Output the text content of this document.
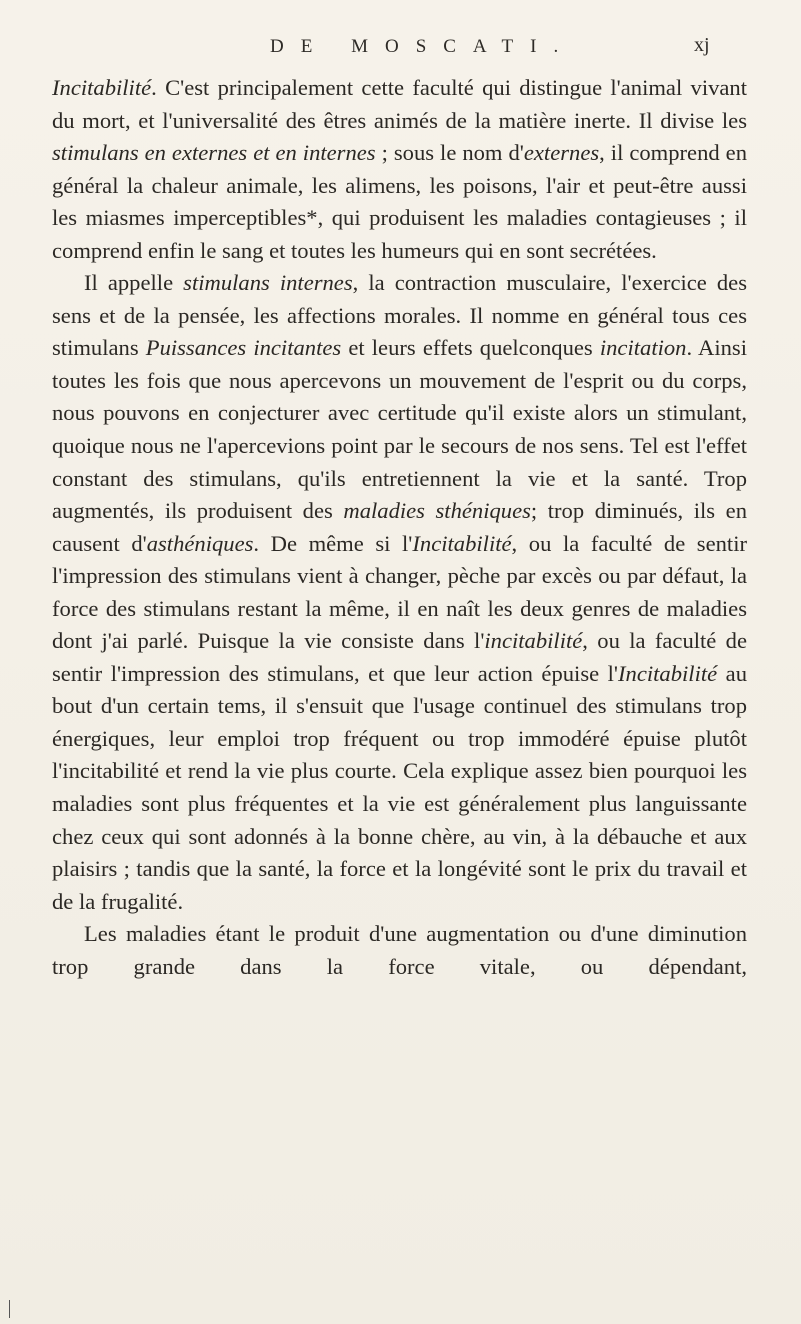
DE MOSCATI.	xj

Incitabilité. C'est principalement cette faculté qui distingue l'animal vivant du mort, et l'universalité des êtres animés de la matière inerte. Il divise les stimulans en externes et en internes ; sous le nom d'externes, il comprend en général la chaleur animale, les alimens, les poisons, l'air et peut-être aussi les miasmes imperceptibles*, qui produisent les maladies contagieuses ; il comprend enfin le sang et toutes les humeurs qui en sont secrétées.

Il appelle stimulans internes, la contraction musculaire, l'exercice des sens et de la pensée, les affections morales. Il nomme en général tous ces stimulans Puissances incitantes et leurs effets quelconques incitation. Ainsi toutes les fois que nous apercevons un mouvement de l'esprit ou du corps, nous pouvons en conjecturer avec certitude qu'il existe alors un stimulant, quoique nous ne l'apercevions point par le secours de nos sens. Tel est l'effet constant des stimulans, qu'ils entretiennent la vie et la santé. Trop augmentés, ils produisent des maladies sthéniques; trop diminués, ils en causent d'asthéniques. De même si l'Incitabilité, ou la faculté de sentir l'impression des stimulans vient à changer, pèche par excès ou par défaut, la force des stimulans restant la même, il en naît les deux genres de maladies dont j'ai parlé. Puisque la vie consiste dans l'incitabilité, ou la faculté de sentir l'impression des stimulans, et que leur action épuise l'Incitabilité au bout d'un certain tems, il s'ensuit que l'usage continuel des stimulans trop énergiques, leur emploi trop fréquent ou trop immodéré épuise plutôt l'incitabilité et rend la vie plus courte. Cela explique assez bien pourquoi les maladies sont plus fréquentes et la vie est généralement plus languissante chez ceux qui sont adonnés à la bonne chère, au vin, à la débauche et aux plaisirs ; tandis que la santé, la force et la longévité sont le prix du travail et de la frugalité.

Les maladies étant le produit d'une augmentation ou d'une diminution trop grande dans la force vitale, ou dépendant,
